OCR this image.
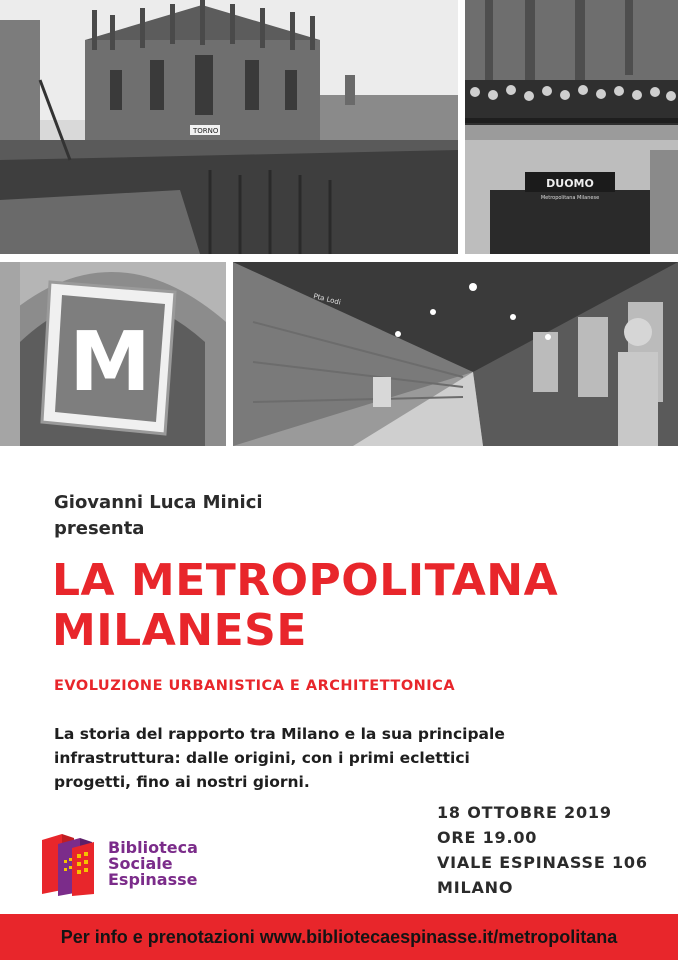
TORNO
DUOMO
Metropolitana Milanese
M
Pta Lodi
Giovanni Luca Minici
presenta
LA METROPOLITANA
MILANESE
EVOLUZIONE URBANISTICA E ARCHITETTONICA
La storia del rapporto tra Milano e la sua principale infrastruttura: dalle origini, con i primi eclettici progetti, fino ai nostri giorni.
18 OTTOBRE 2019
ORE 19.00
VIALE ESPINASSE 106
MILANO
Biblioteca
Sociale
Espinasse
Per info e prenotazioni www.bibliotecaespinasse.it/metropolitana
